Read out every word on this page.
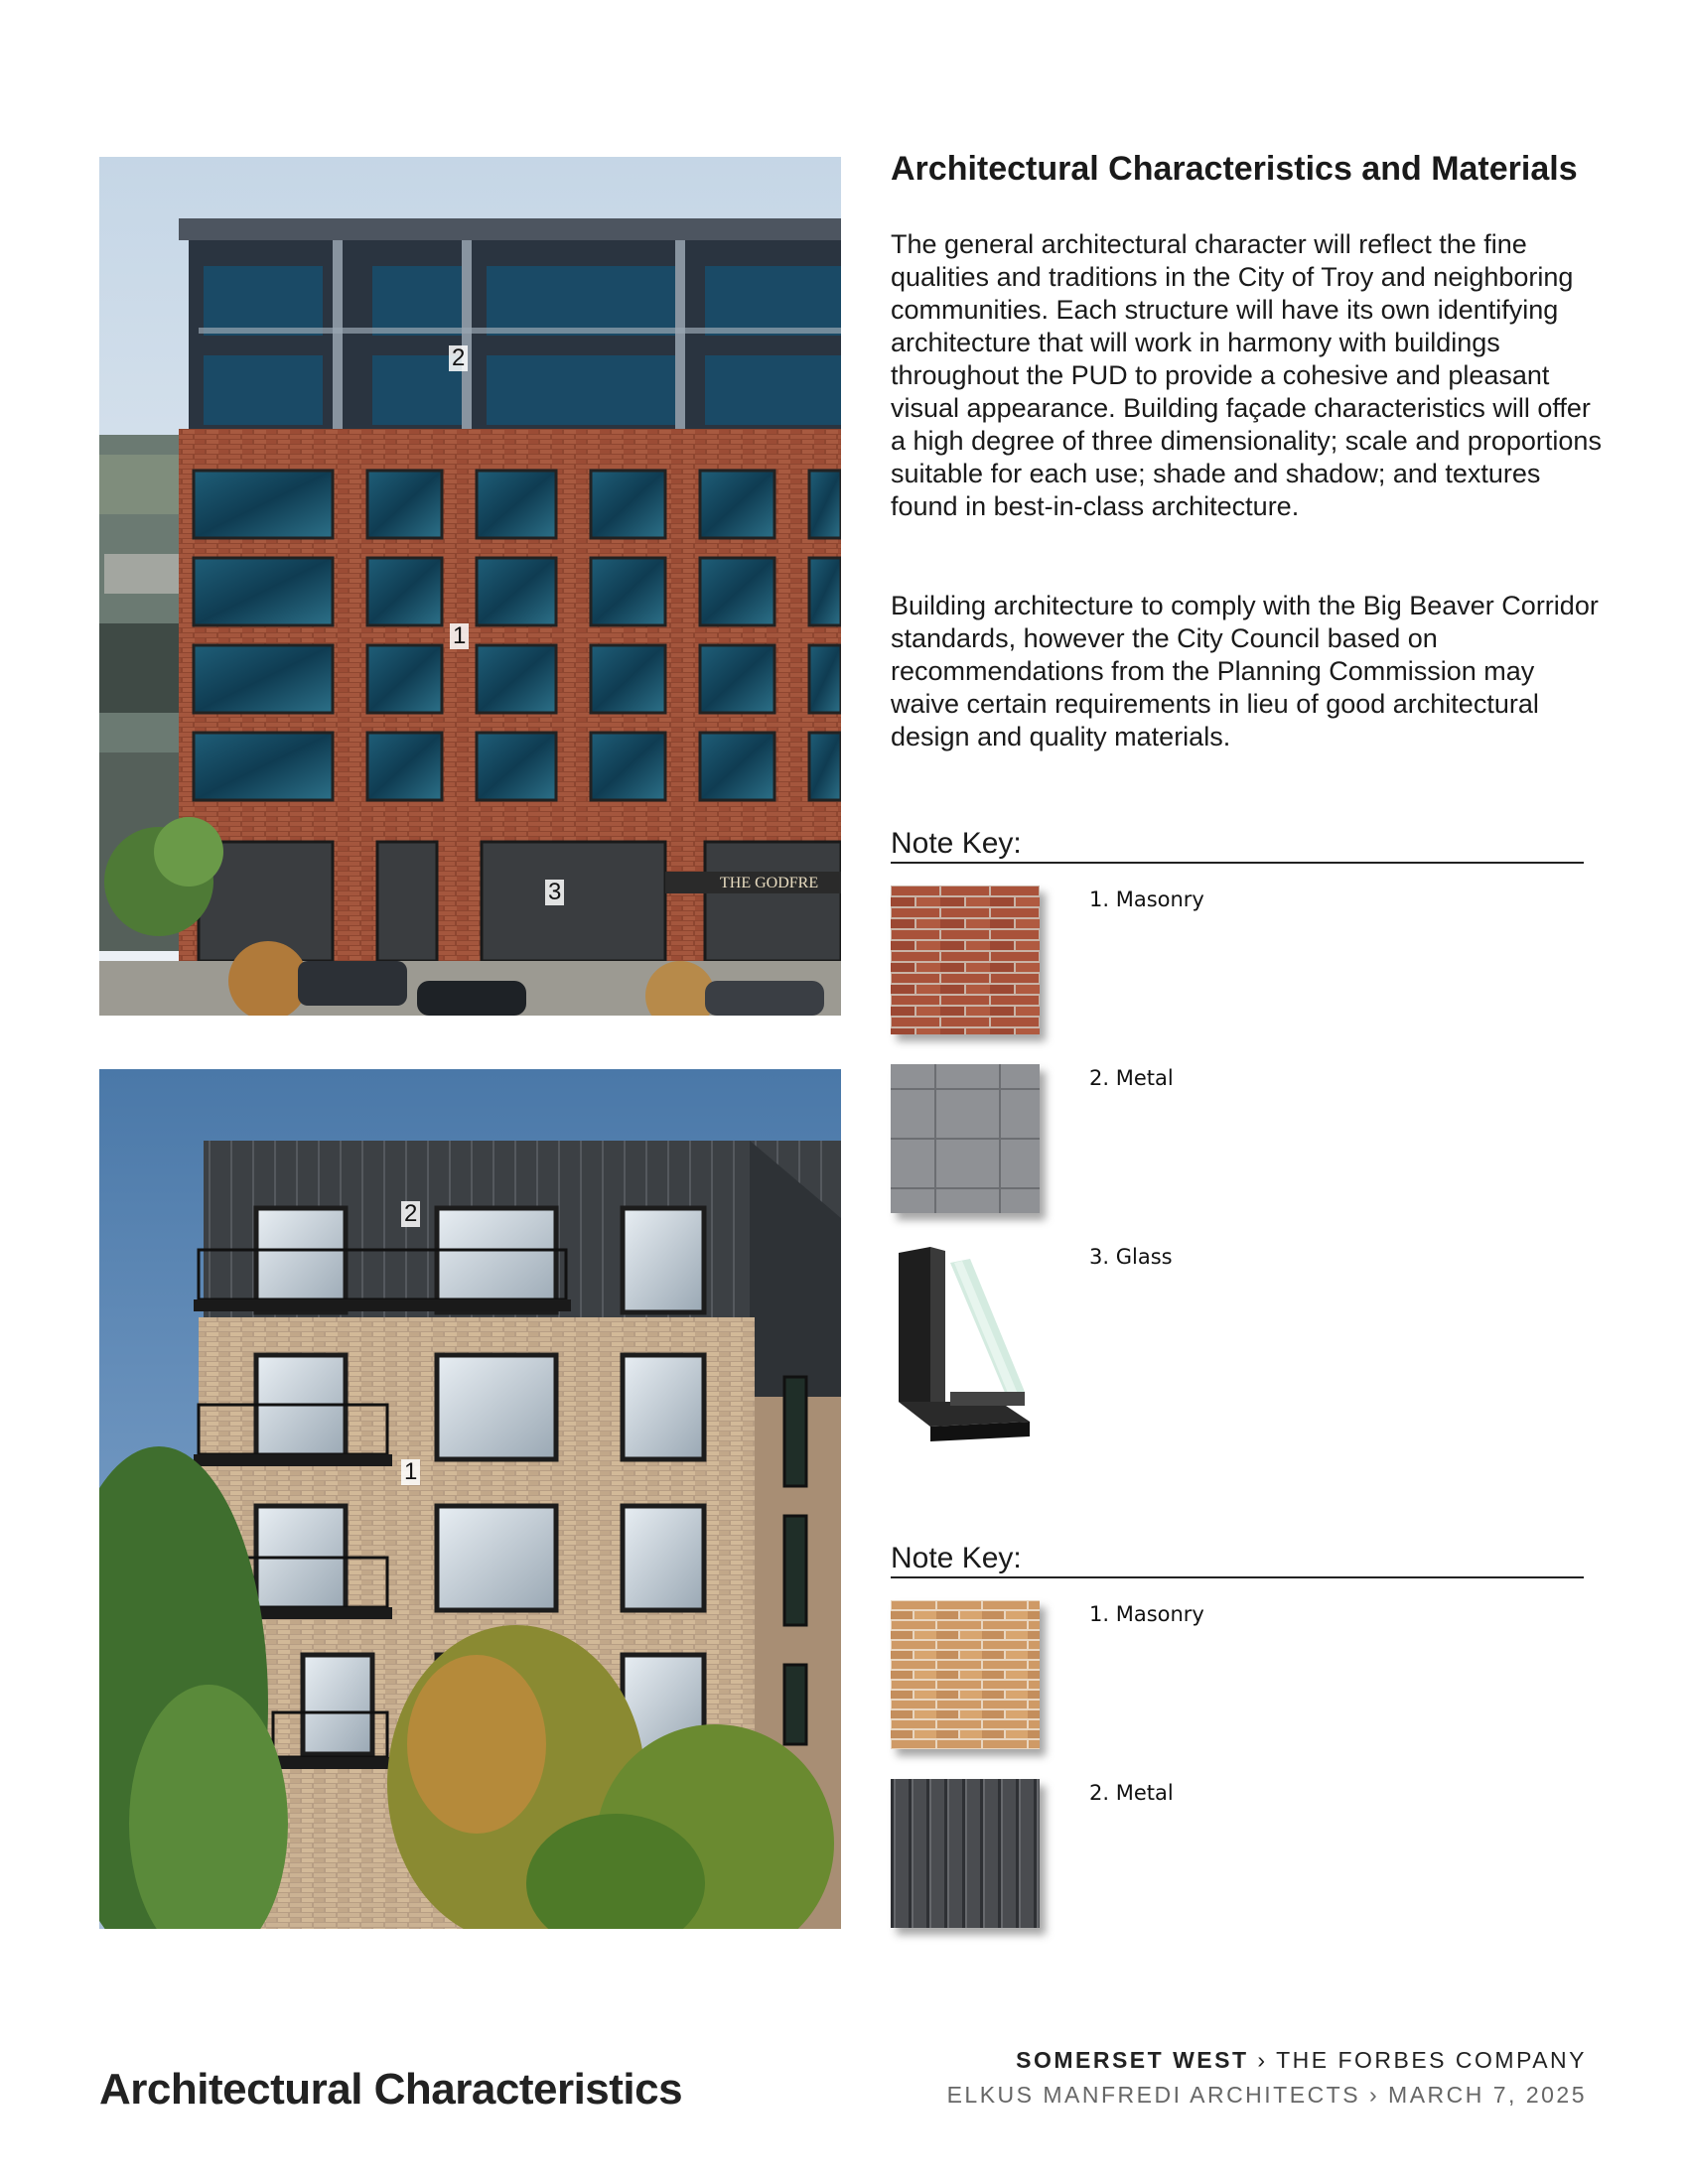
THE GODFRE
2
1
3
2
1
Architectural Characteristics and Materials

The general architectural character will reflect the fine qualities and traditions in the City of Troy and neighboring communities. Each structure will have its own identifying architecture that will work in harmony with buildings throughout the PUD to provide a cohesive and pleasant visual appearance. Building façade characteristics will offer a high degree of three dimensionality; scale and proportions suitable for each use; shade and shadow; and textures found in best-in-class architecture.

Building architecture to comply with the Big Beaver Corridor standards, however the City Council based on recommendations from the Planning Commission may waive certain requirements in lieu of good architectural design and quality materials.

Note Key:
1. Masonry
2. Metal
3. Glass
Note Key:
1. Masonry
2. Metal
Architectural Characteristics
SOMERSET WEST › THE FORBES COMPANY
ELKUS MANFREDI ARCHITECTS › MARCH 7, 2025
